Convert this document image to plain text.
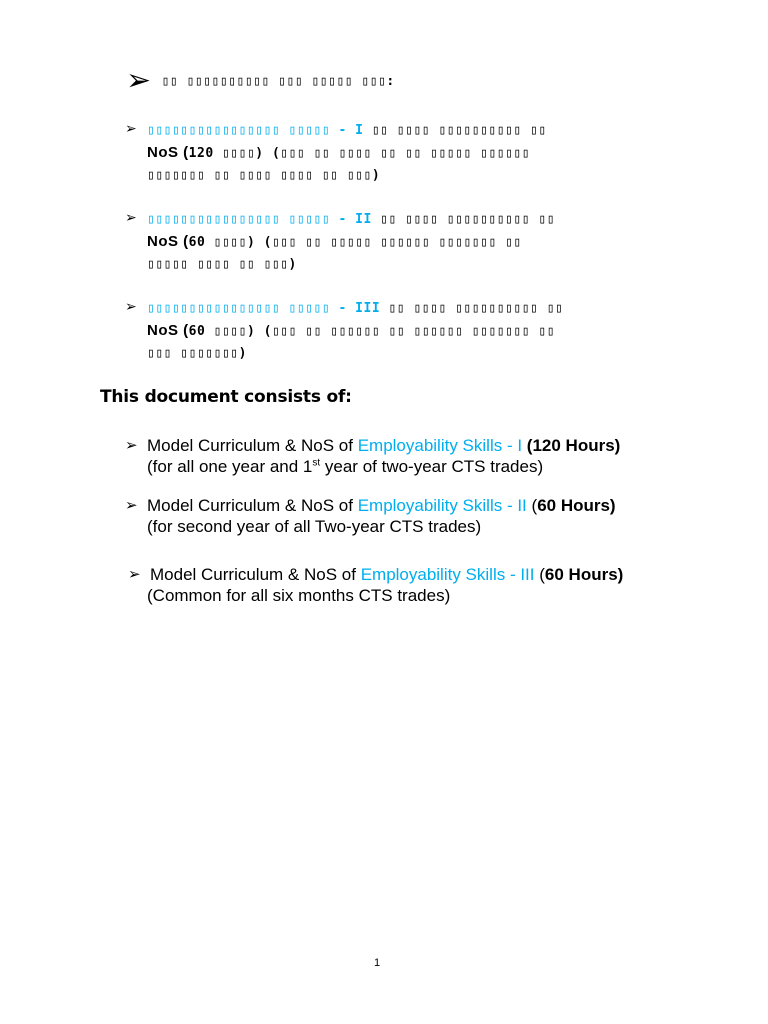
➢ ▯▯ ▯▯▯▯▯▯▯▯▯▯ ▯▯▯ ▯▯▯▯▯ ▯▯▯:
➢ ▯▯▯▯▯▯▯▯▯▯▯▯▯▯▯▯ ▯▯▯▯▯ - I ▯▯ ▯▯▯▯ ▯▯▯▯▯▯▯▯▯▯ ▯▯
NoS (120 ▯▯▯▯) (▯▯▯ ▯▯ ▯▯▯▯ ▯▯ ▯▯ ▯▯▯▯▯ ▯▯▯▯▯▯
▯▯▯▯▯▯▯ ▯▯ ▯▯▯▯ ▯▯▯▯ ▯▯ ▯▯▯)
➢ ▯▯▯▯▯▯▯▯▯▯▯▯▯▯▯▯ ▯▯▯▯▯ - II ▯▯ ▯▯▯▯ ▯▯▯▯▯▯▯▯▯▯ ▯▯
NoS (60 ▯▯▯▯) (▯▯▯ ▯▯ ▯▯▯▯▯ ▯▯▯▯▯▯ ▯▯▯▯▯▯▯ ▯▯
▯▯▯▯▯ ▯▯▯▯ ▯▯ ▯▯▯)
➢ ▯▯▯▯▯▯▯▯▯▯▯▯▯▯▯▯ ▯▯▯▯▯ - III ▯▯ ▯▯▯▯ ▯▯▯▯▯▯▯▯▯▯ ▯▯
NoS (60 ▯▯▯▯) (▯▯▯ ▯▯ ▯▯▯▯▯▯ ▯▯ ▯▯▯▯▯▯ ▯▯▯▯▯▯▯ ▯▯
▯▯▯ ▯▯▯▯▯▯▯)
This document consists of:
➢ Model Curriculum & NoS of Employability Skills - I (120 Hours)
(for all one year and 1st year of two-year CTS trades)
➢ Model Curriculum & NoS of Employability Skills - II (60 Hours)
(for second year of all Two-year CTS trades)
➢ Model Curriculum & NoS of Employability Skills - III (60 Hours)
(Common for all six months CTS trades)
1
